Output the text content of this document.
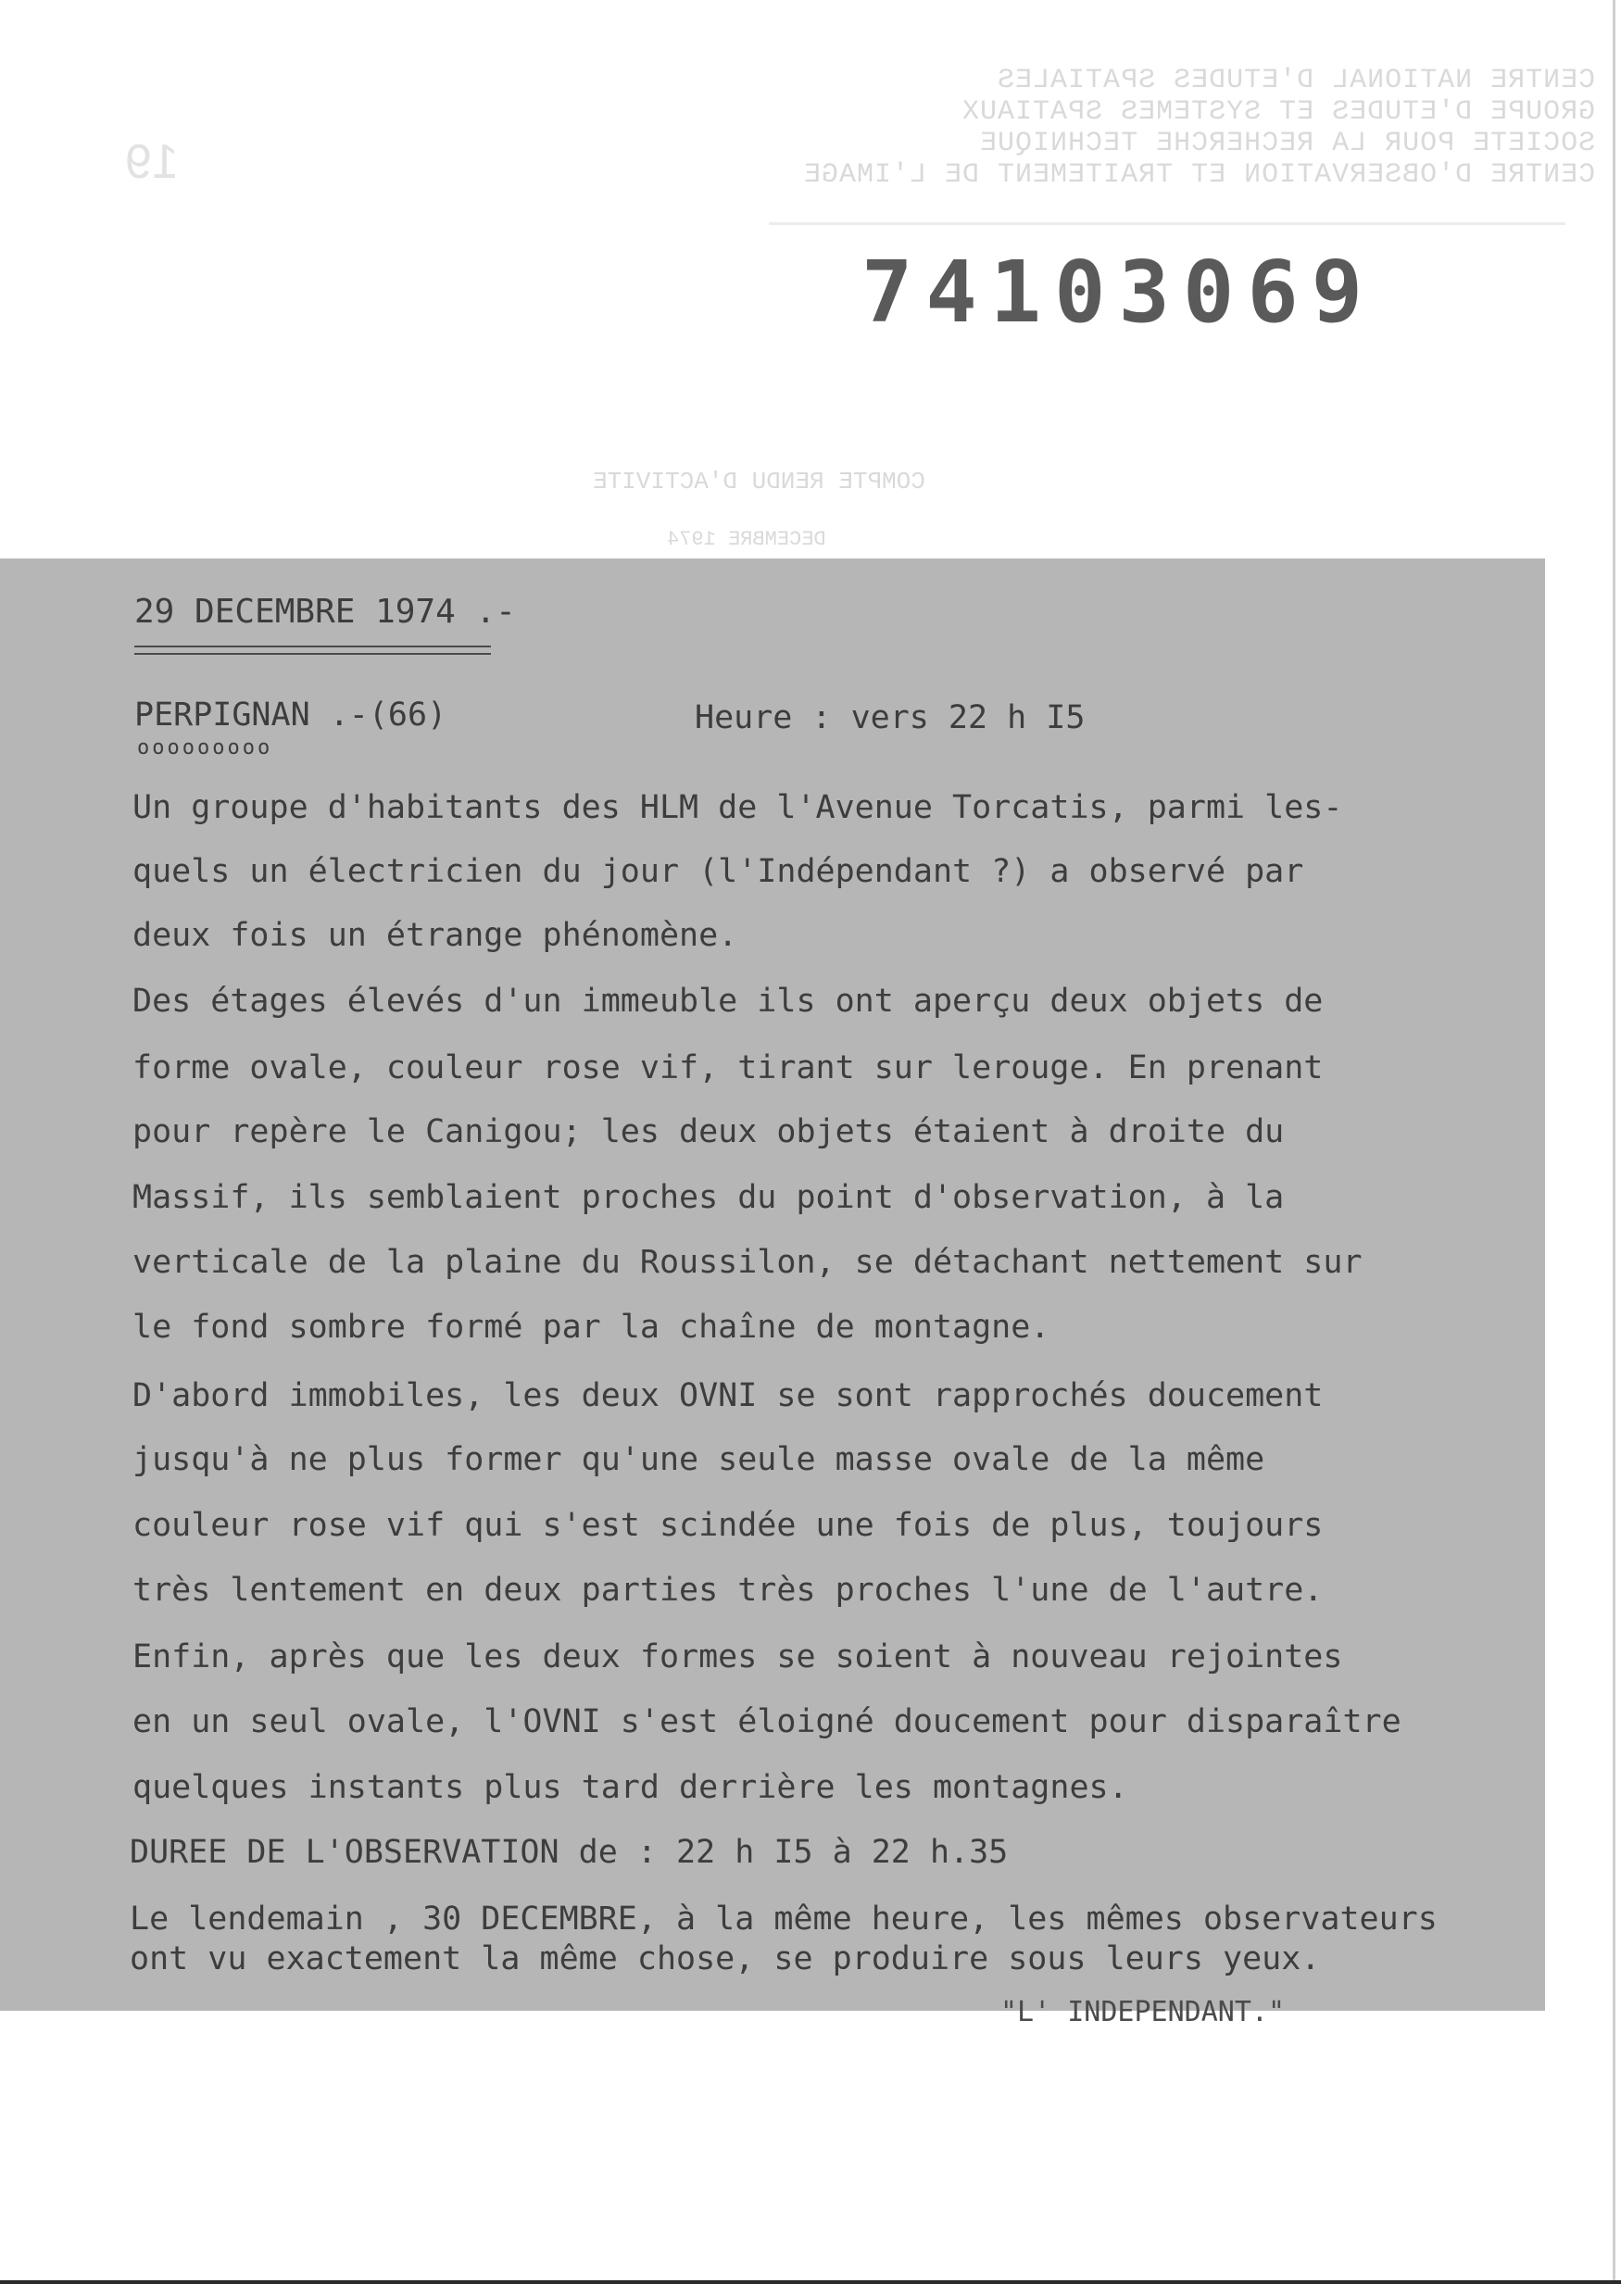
CENTRE NATIONAL D'ETUDES SPATIALES
GROUPE D'ETUDES ET SYSTEMES SPATIAUX
SOCIETE POUR LA RECHERCHE TECHNIQUE
CENTRE D'OBSERVATION ET TRAITEMENT DE L'IMAGE
19
74103069
COMPTE RENDU D'ACTIVITE
DECEMBRE 1974
29 DECEMBRE 1974 .-
PERPIGNAN .-(66)
ooooooooo
Heure : vers 22 h I5
Un groupe d'habitants des HLM de l'Avenue Torcatis, parmi les-
quels un électricien du jour (l'Indépendant ?) a observé par
deux fois un étrange phénomène.
Des étages élevés d'un immeuble ils ont aperçu deux objets de
forme ovale, couleur rose vif, tirant sur lerouge. En prenant
pour repère le Canigou; les deux objets étaient à droite du
Massif, ils semblaient proches du point d'observation, à la
verticale de la plaine du Roussilon, se détachant nettement sur
le fond sombre formé par la chaîne de montagne.
D'abord immobiles, les deux OVNI se sont rapprochés doucement
jusqu'à ne plus former qu'une seule masse ovale de la même
couleur rose vif qui s'est scindée une fois de plus, toujours
très lentement en deux parties très proches l'une de l'autre.
Enfin, après que les deux formes se soient à nouveau rejointes
en un seul ovale, l'OVNI s'est éloigné doucement pour disparaître
quelques instants plus tard derrière les montagnes.
DUREE DE L'OBSERVATION de : 22 h I5 à 22 h.35
Le lendemain , 30 DECEMBRE, à la même heure, les mêmes observateurs
ont vu exactement la même chose, se produire sous leurs yeux.
"L' INDEPENDANT."
